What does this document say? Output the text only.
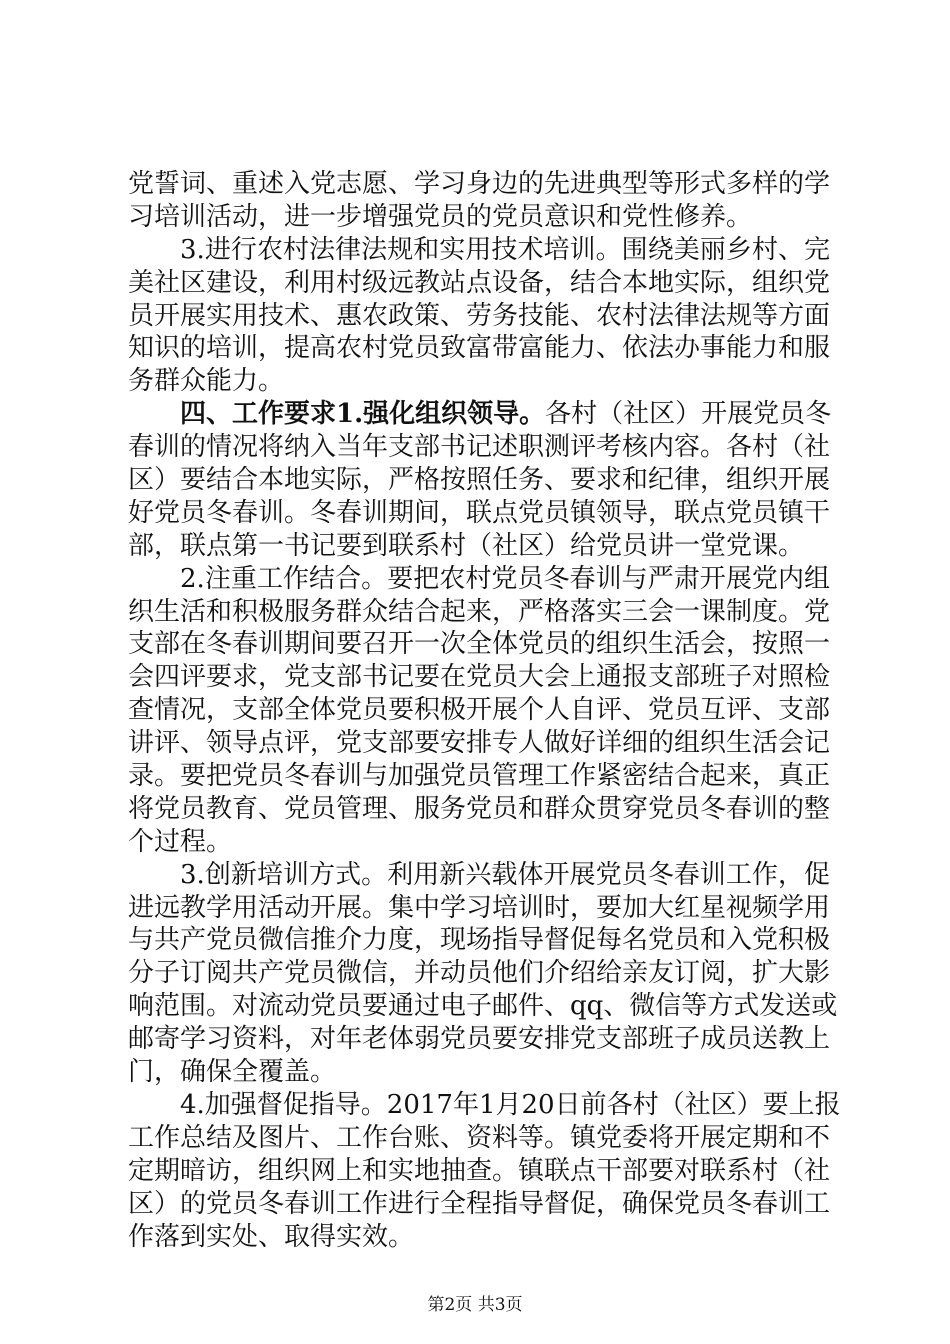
党誓词、重述入党志愿、学习身边的先进典型等形式多样的学
习培训活动，进一步增强党员的党员意识和党性修养。
3.进行农村法律法规和实用技术培训。围绕美丽乡村、完
美社区建设，利用村级远教站点设备，结合本地实际，组织党
员开展实用技术、惠农政策、劳务技能、农村法律法规等方面
知识的培训，提高农村党员致富带富能力、依法办事能力和服
务群众能力。
四、工作要求1.强化组织领导。各村（社区）开展党员冬
春训的情况将纳入当年支部书记述职测评考核内容。各村（社
区）要结合本地实际，严格按照任务、要求和纪律，组织开展
好党员冬春训。冬春训期间，联点党员镇领导，联点党员镇干
部，联点第一书记要到联系村（社区）给党员讲一堂党课。
2.注重工作结合。要把农村党员冬春训与严肃开展党内组
织生活和积极服务群众结合起来，严格落实三会一课制度。党
支部在冬春训期间要召开一次全体党员的组织生活会，按照一
会四评要求，党支部书记要在党员大会上通报支部班子对照检
查情况，支部全体党员要积极开展个人自评、党员互评、支部
讲评、领导点评，党支部要安排专人做好详细的组织生活会记
录。要把党员冬春训与加强党员管理工作紧密结合起来，真正
将党员教育、党员管理、服务党员和群众贯穿党员冬春训的整
个过程。
3.创新培训方式。利用新兴载体开展党员冬春训工作，促
进远教学用活动开展。集中学习培训时，要加大红星视频学用
与共产党员微信推介力度，现场指导督促每名党员和入党积极
分子订阅共产党员微信，并动员他们介绍给亲友订阅，扩大影
响范围。对流动党员要通过电子邮件、qq、微信等方式发送或
邮寄学习资料，对年老体弱党员要安排党支部班子成员送教上
门，确保全覆盖。
4.加强督促指导。2017年1月20日前各村（社区）要上报
工作总结及图片、工作台账、资料等。镇党委将开展定期和不
定期暗访，组织网上和实地抽查。镇联点干部要对联系村（社
区）的党员冬春训工作进行全程指导督促，确保党员冬春训工
作落到实处、取得实效。
第2页 共3页
